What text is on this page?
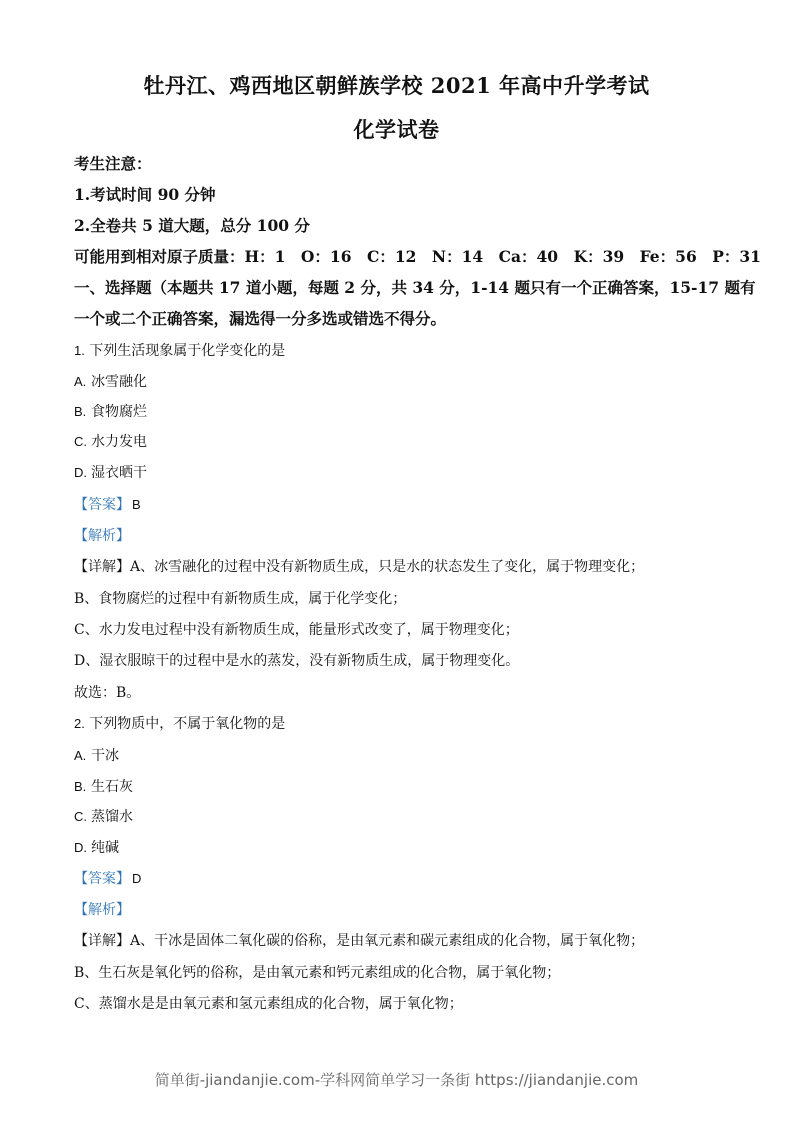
牡丹江、鸡西地区朝鲜族学校 2021 年高中升学考试
化学试卷
考生注意：
1.考试时间 90 分钟
2.全卷共 5 道大题，总分 100 分
可能用到相对原子质量：H：1　O：16　C：12　N：14　Ca：40　K：39　Fe：56　P：31
一、选择题（本题共 17 道小题，每题 2 分，共 34 分，1-14 题只有一个正确答案，15-17 题有
一个或二个正确答案，漏选得一分多选或错选不得分。
1. 下列生活现象属于化学变化的是
A. 冰雪融化
B. 食物腐烂
C. 水力发电
D. 湿衣晒干
【答案】 B
【解析】
【详解】A、冰雪融化的过程中没有新物质生成，只是水的状态发生了变化，属于物理变化；
B、食物腐烂的过程中有新物质生成，属于化学变化；
C、水力发电过程中没有新物质生成，能量形式改变了，属于物理变化；
D、湿衣服晾干的过程中是水的蒸发，没有新物质生成，属于物理变化。
故选：B。
2. 下列物质中，不属于氧化物的是
A. 干冰
B. 生石灰
C. 蒸馏水
D. 纯碱
【答案】 D
【解析】
【详解】A、干冰是固体二氧化碳的俗称，是由氧元素和碳元素组成的化合物，属于氧化物；
B、生石灰是氧化钙的俗称，是由氧元素和钙元素组成的化合物，属于氧化物；
C、蒸馏水是是由氧元素和氢元素组成的化合物，属于氧化物；
简单街-jiandanjie.com-学科网简单学习一条街 https://jiandanjie.com
